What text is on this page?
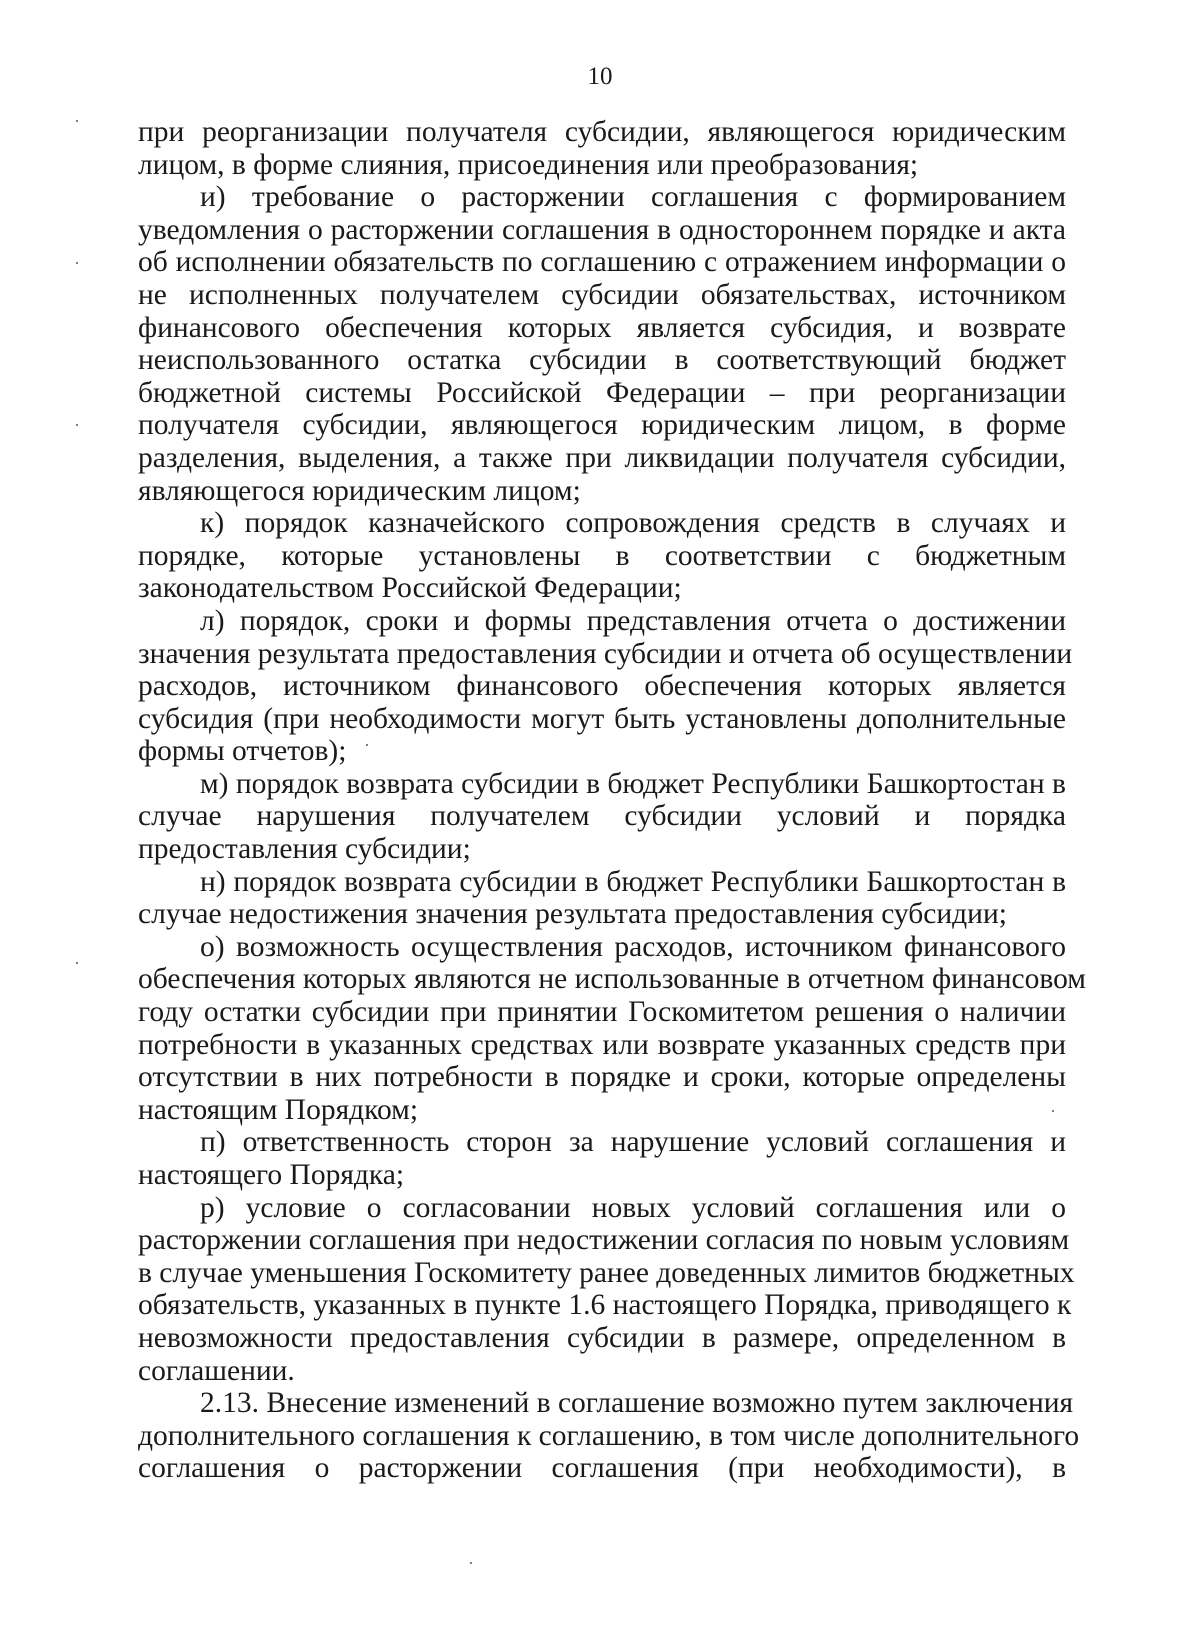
10
при реорганизации получателя субсидии, являющегося юридическим
лицом, в форме слияния, присоединения или преобразования;
и) требование о расторжении соглашения с формированием
уведомления о расторжении соглашения в одностороннем порядке и акта
об исполнении обязательств по соглашению с отражением информации о
не исполненных получателем субсидии обязательствах, источником
финансового обеспечения которых является субсидия, и возврате
неиспользованного остатка субсидии в соответствующий бюджет
бюджетной системы Российской Федерации – при реорганизации
получателя субсидии, являющегося юридическим лицом, в форме
разделения, выделения, а также при ликвидации получателя субсидии,
являющегося юридическим лицом;
к) порядок казначейского сопровождения средств в случаях и
порядке, которые установлены в соответствии с бюджетным
законодательством Российской Федерации;
л) порядок, сроки и формы представления отчета о достижении
значения результата предоставления субсидии и отчета об осуществлении
расходов, источником финансового обеспечения которых является
субсидия (при необходимости могут быть установлены дополнительные
формы отчетов);
м) порядок возврата субсидии в бюджет Республики Башкортостан в
случае нарушения получателем субсидии условий и порядка
предоставления субсидии;
н) порядок возврата субсидии в бюджет Республики Башкортостан в
случае недостижения значения результата предоставления субсидии;
о) возможность осуществления расходов, источником финансового
обеспечения которых являются не использованные в отчетном финансовом
году остатки субсидии при принятии Госкомитетом решения о наличии
потребности в указанных средствах или возврате указанных средств при
отсутствии в них потребности в порядке и сроки, которые определены
настоящим Порядком;
п) ответственность сторон за нарушение условий соглашения и
настоящего Порядка;
р) условие о согласовании новых условий соглашения или о
расторжении соглашения при недостижении согласия по новым условиям
в случае уменьшения Госкомитету ранее доведенных лимитов бюджетных
обязательств, указанных в пункте 1.6 настоящего Порядка, приводящего к
невозможности предоставления субсидии в размере, определенном в
соглашении.
2.13. Внесение изменений в соглашение возможно путем заключения
дополнительного соглашения к соглашению, в том числе дополнительного
соглашения о расторжении соглашения (при необходимости), в
